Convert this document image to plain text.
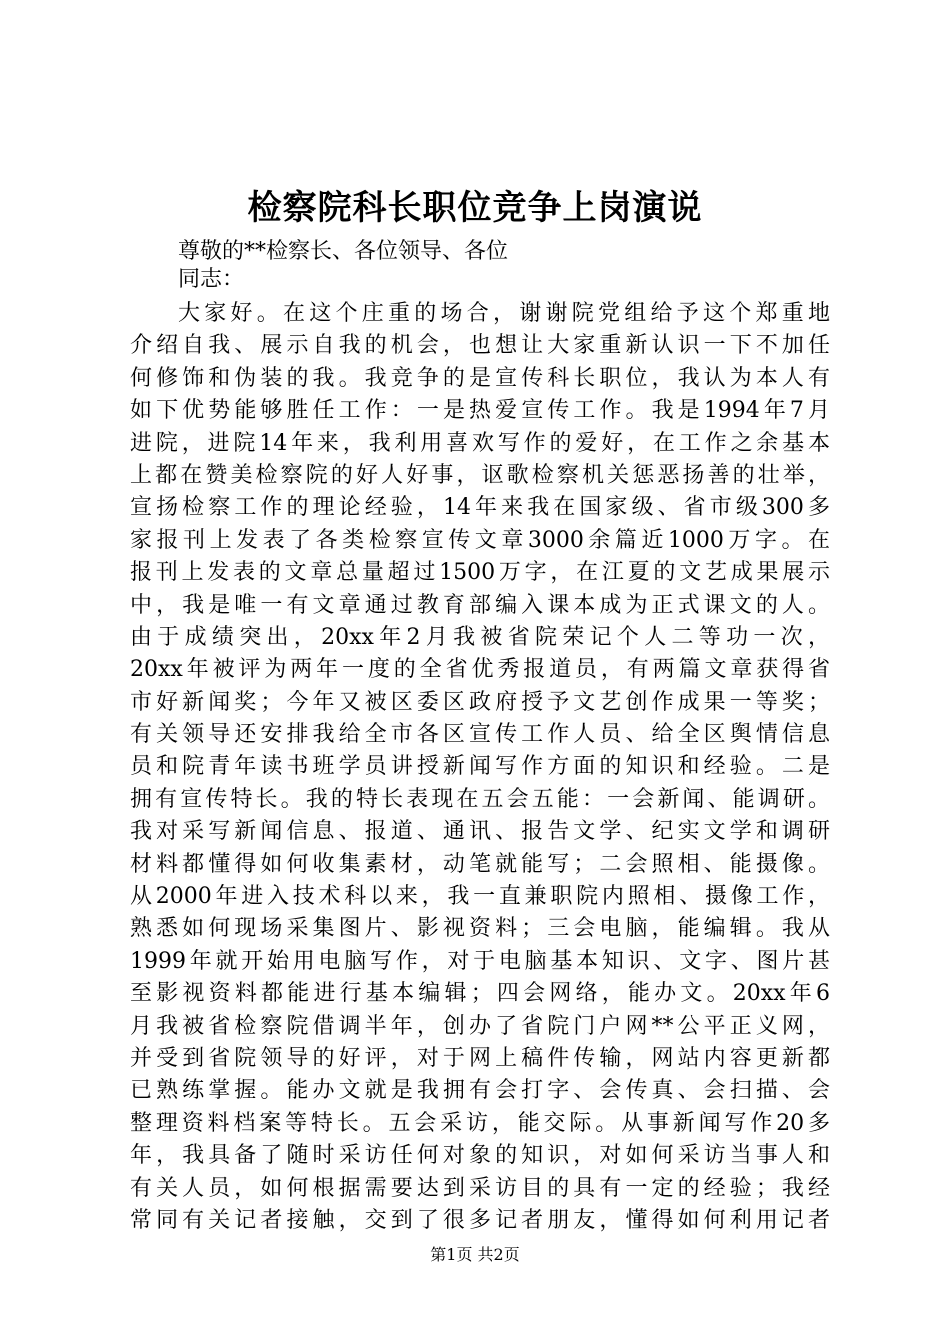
检察院科长职位竞争上岗演说
尊敬的**检察长、各位领导、各位
同志：
大家好。在这个庄重的场合，谢谢院党组给予这个郑重地
介绍自我、展示自我的机会，也想让大家重新认识一下不加任
何修饰和伪装的我。我竞争的是宣传科长职位，我认为本人有
如下优势能够胜任工作：一是热爱宣传工作。我是1994年7月
进院，进院14年来，我利用喜欢写作的爱好，在工作之余基本
上都在赞美检察院的好人好事，讴歌检察机关惩恶扬善的壮举，
宣扬检察工作的理论经验，14年来我在国家级、省市级300多
家报刊上发表了各类检察宣传文章3000余篇近1000万字。在
报刊上发表的文章总量超过1500万字，在江夏的文艺成果展示
中，我是唯一有文章通过教育部编入课本成为正式课文的人。
由于成绩突出，20xx年2月我被省院荣记个人二等功一次，
20xx年被评为两年一度的全省优秀报道员，有两篇文章获得省
市好新闻奖；今年又被区委区政府授予文艺创作成果一等奖；
有关领导还安排我给全市各区宣传工作人员、给全区舆情信息
员和院青年读书班学员讲授新闻写作方面的知识和经验。二是
拥有宣传特长。我的特长表现在五会五能：一会新闻、能调研。
我对采写新闻信息、报道、通讯、报告文学、纪实文学和调研
材料都懂得如何收集素材，动笔就能写；二会照相、能摄像。
从2000年进入技术科以来，我一直兼职院内照相、摄像工作，
熟悉如何现场采集图片、影视资料；三会电脑，能编辑。我从
1999年就开始用电脑写作，对于电脑基本知识、文字、图片甚
至影视资料都能进行基本编辑；四会网络，能办文。20xx年6
月我被省检察院借调半年，创办了省院门户网**公平正义网，
并受到省院领导的好评，对于网上稿件传输，网站内容更新都
已熟练掌握。能办文就是我拥有会打字、会传真、会扫描、会
整理资料档案等特长。五会采访，能交际。从事新闻写作20多
年，我具备了随时采访任何对象的知识，对如何采访当事人和
有关人员，如何根据需要达到采访目的具有一定的经验；我经
常同有关记者接触，交到了很多记者朋友，懂得如何利用记者
第1页 共2页
